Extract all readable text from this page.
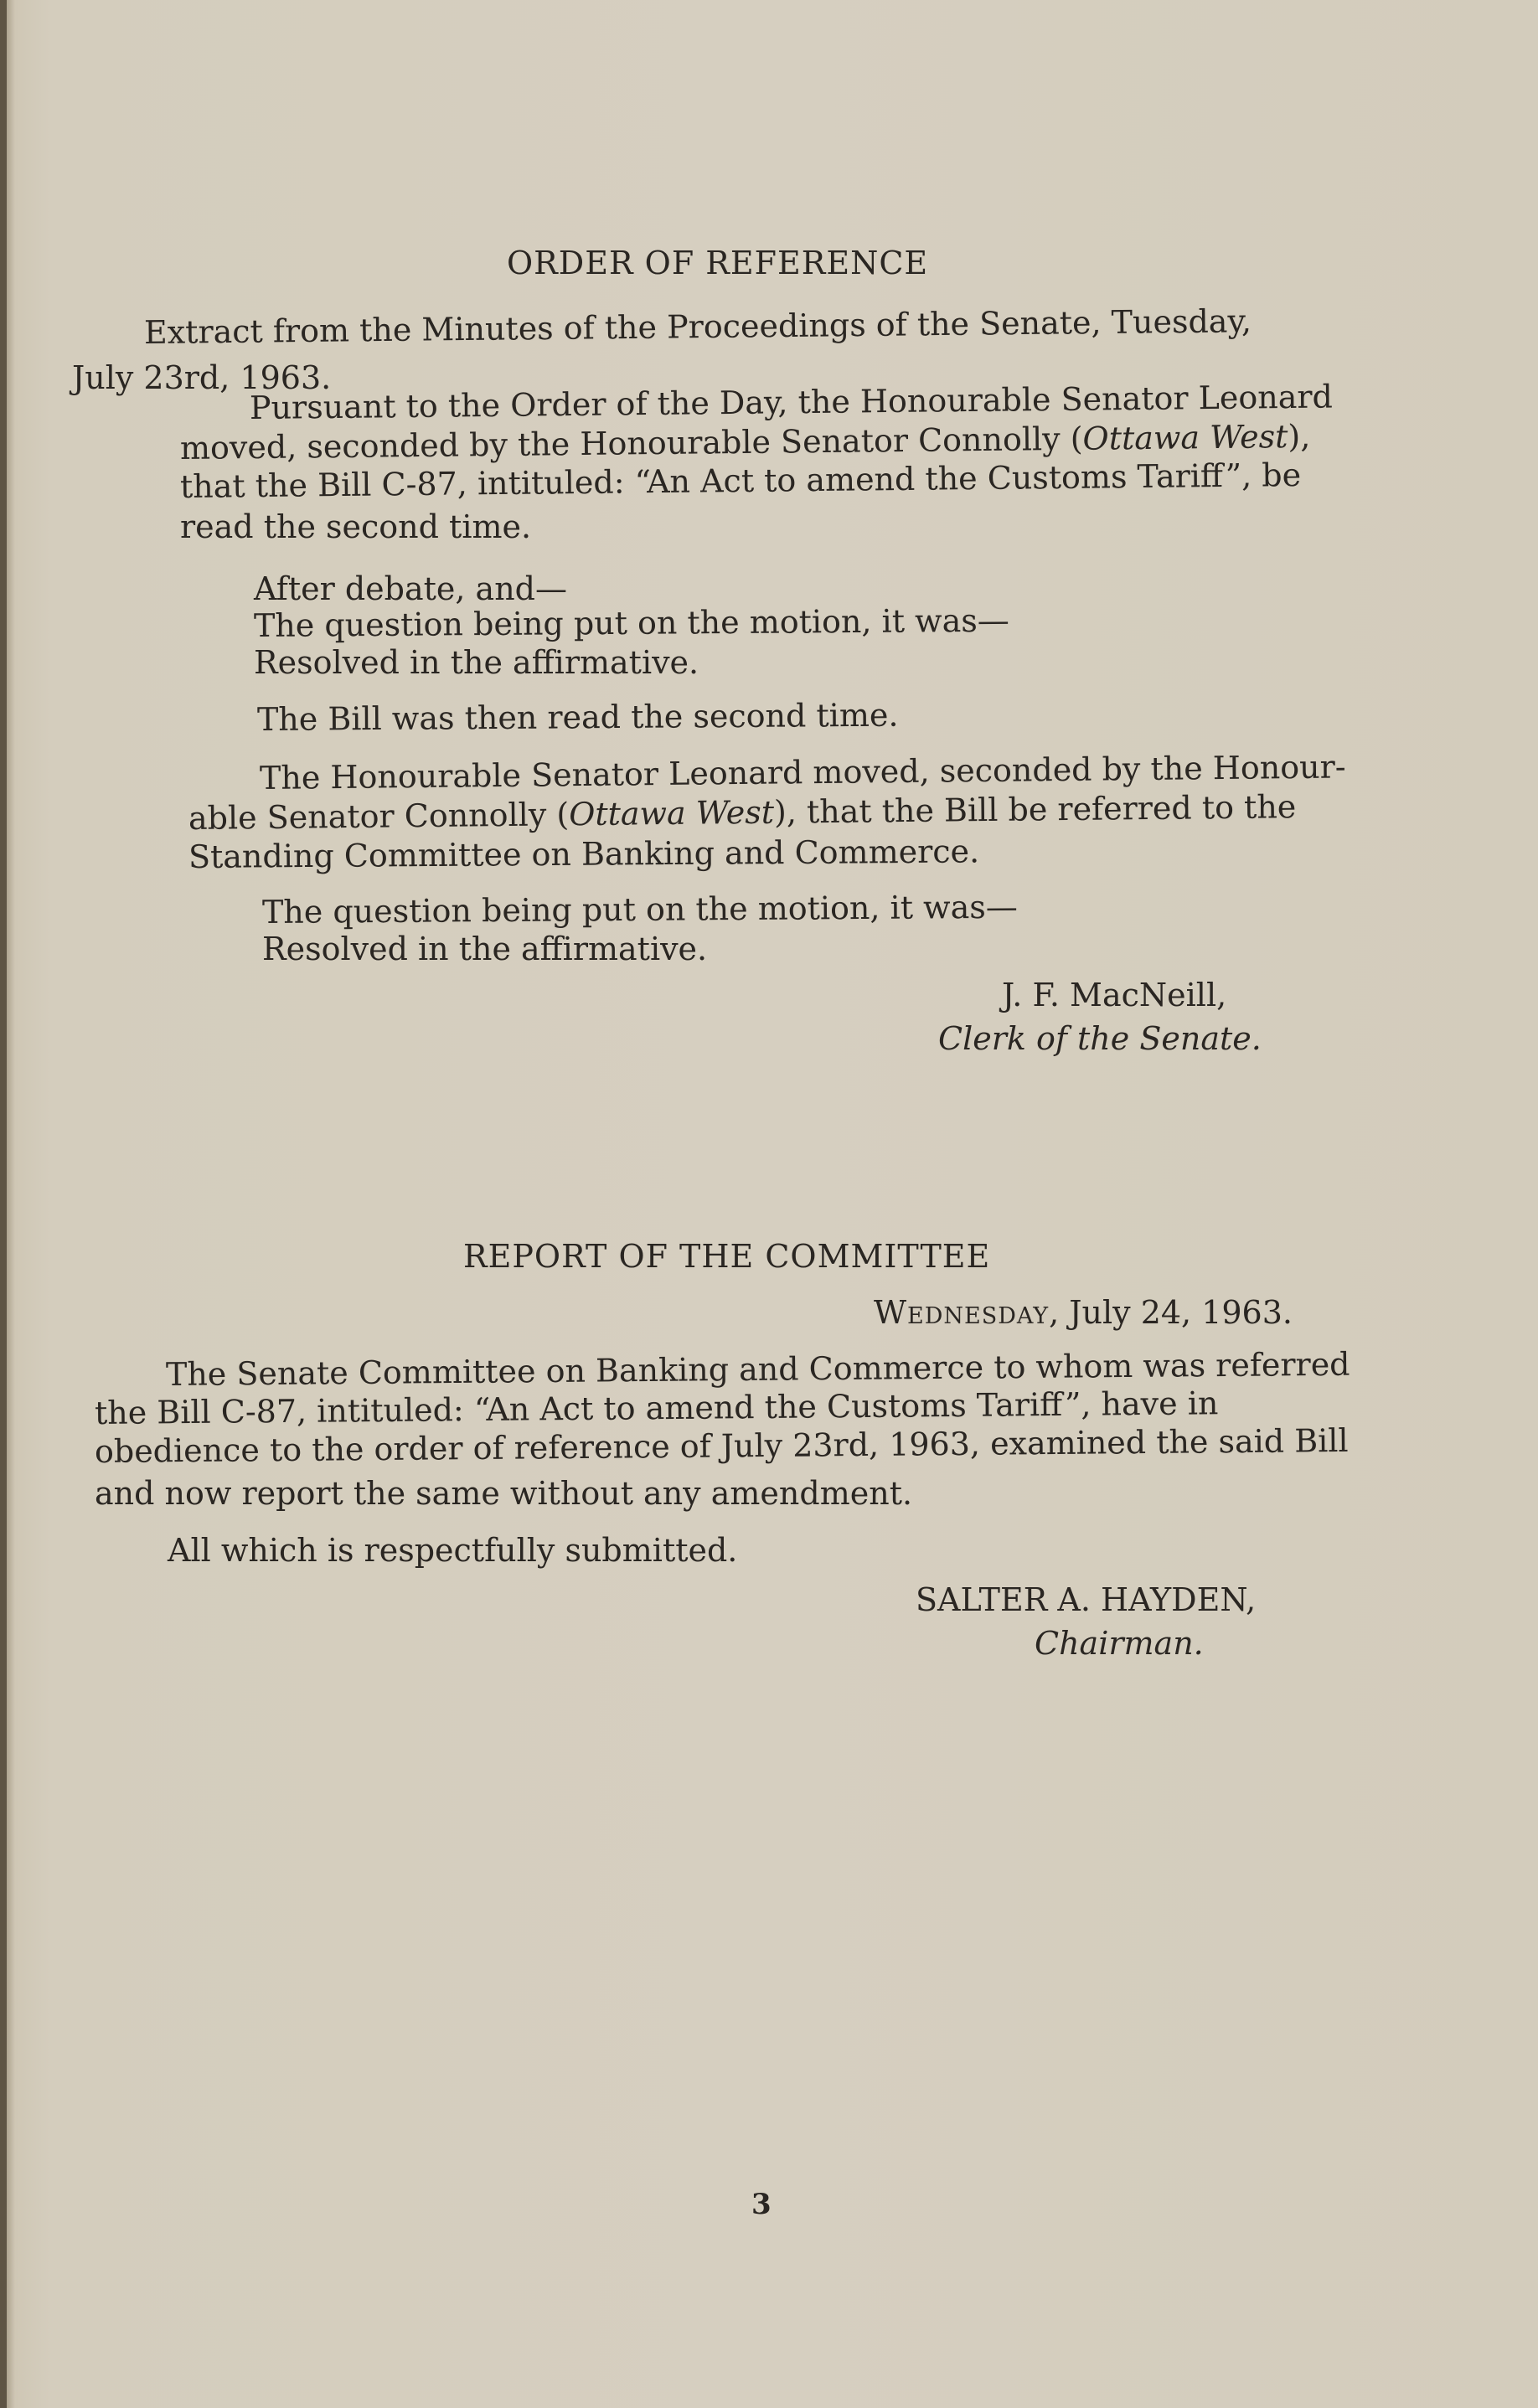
ORDER OF REFERENCE
Extract from the Minutes of the Proceedings of the Senate, Tuesday,
July 23rd, 1963.
Pursuant to the Order of the Day, the Honourable Senator Leonard
moved, seconded by the Honourable Senator Connolly (Ottawa West),
that the Bill C-87, intituled: “An Act to amend the Customs Tariff”, be
read the second time.
After debate, and—
The question being put on the motion, it was—
Resolved in the affirmative.
The Bill was then read the second time.
The Honourable Senator Leonard moved, seconded by the Honour-
able Senator Connolly (Ottawa West), that the Bill be referred to the
Standing Committee on Banking and Commerce.
The question being put on the motion, it was—
Resolved in the affirmative.
J. F. MacNeill,
Clerk of the Senate.
REPORT OF THE COMMITTEE
Wednesday, July 24, 1963.
The Senate Committee on Banking and Commerce to whom was referred
the Bill C-87, intituled: “An Act to amend the Customs Tariff”, have in
obedience to the order of reference of July 23rd, 1963, examined the said Bill
and now report the same without any amendment.
All which is respectfully submitted.
SALTER A. HAYDEN,
Chairman.
3
